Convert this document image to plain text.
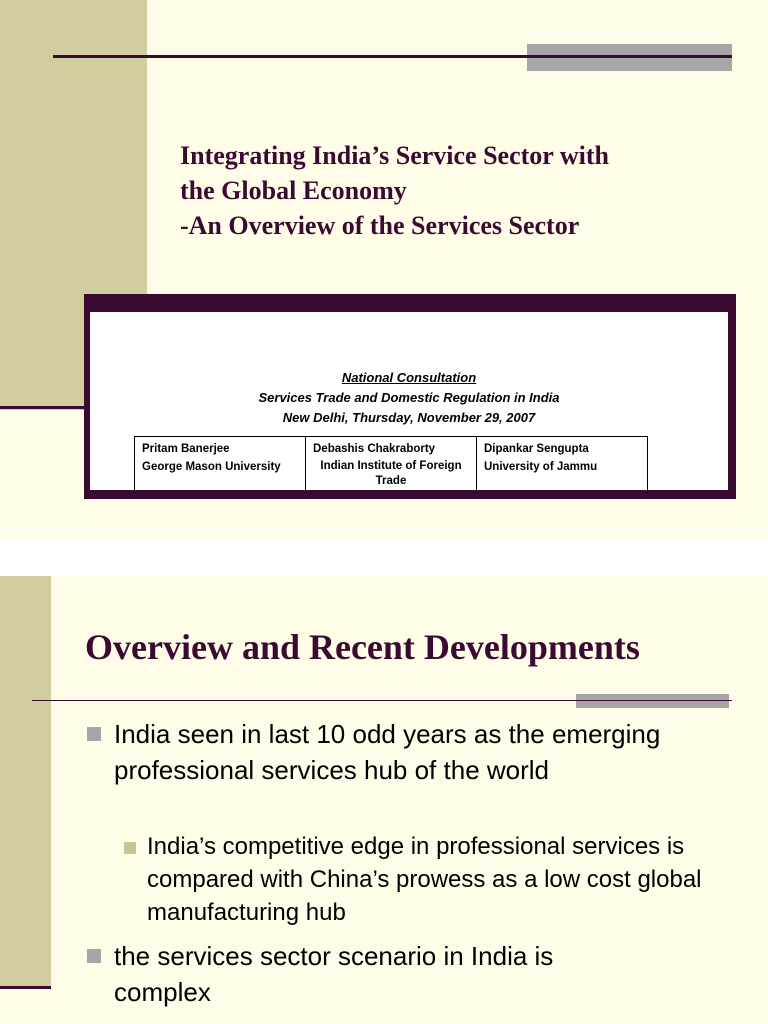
Integrating India’s Service Sector with
the Global Economy
-An Overview of the Services Sector
National Consultation
Services Trade and Domestic Regulation in India
New Delhi, Thursday, November 29, 2007
Pritam Banerjee
George Mason University
Debashis Chakraborty
Indian Institute of Foreign Trade
Dipankar Sengupta
University of Jammu
Overview and Recent Developments
India seen in last 10 odd years as the emerging professional services hub of the world
India’s competitive edge in professional services is compared with China’s prowess as a low cost global manufacturing hub
the services sector scenario in India is complex
